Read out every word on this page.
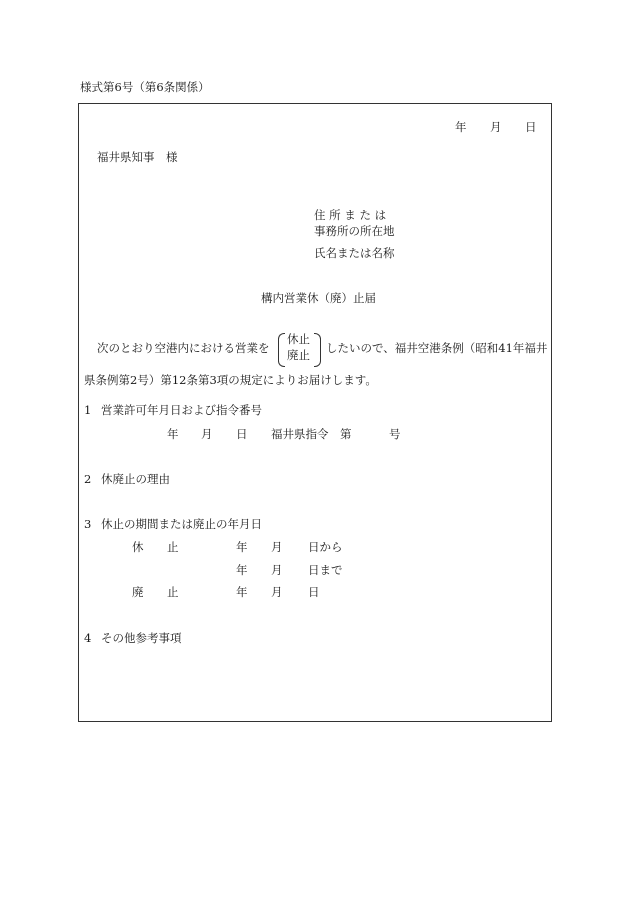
様式第6号（第6条関係）
年 月 日
福井県知事　様
住 所 ま た は
事務所の所在地
氏名または名称
構内営業休（廃）止届
次のとおり空港内における営業を
休止
廃止 したいので、福井空港条例（昭和41年福井
県条例第2号）第12条第3項の規定によりお届けします。
1 営業許可年月日および指令番号
年 月 日 福井県指令　第	号
2 休廃止の理由
3 休止の期間または廃止の年月日
休 止	年 月 日から
年 月 日まで
廃 止	年 月 日
4 その他参考事項
